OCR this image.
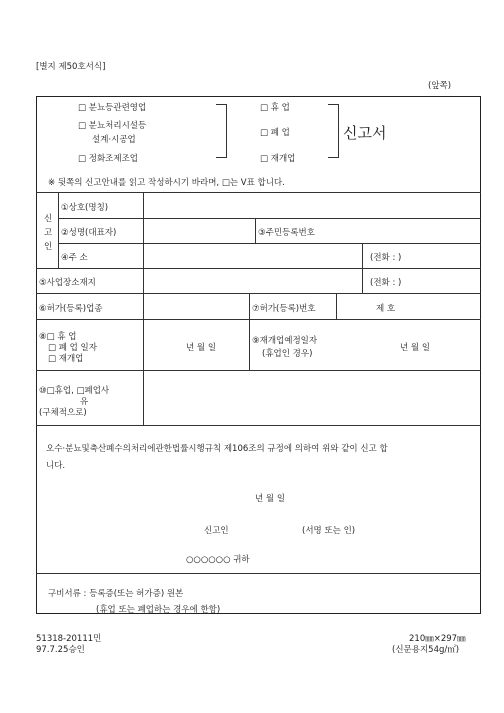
[별지 제50호서식]
(앞쪽)
□ 분뇨등관련영업
□ 분뇨처리시설등
설계·시공업
□ 정화조제조업
□ 휴 업
□ 폐 업
□ 재개업
신고서
※ 뒷쪽의 신고안내를 읽고 작성하시기 바라며, □는 V표 합니다.
신
고
인
①상호(명칭)
②성명(대표자)	③주민등록번호
④주 소	(전화 : )
⑤사업장소재지	(전화 : )
⑥허가(등록)업종	⑦허가(등록)번호	제 호
⑧□ 휴 업
□ 폐 업 일자
□ 재개업
년 월 일
⑨재개업예정일자
(휴업인 경우)
년 월 일
⑩□휴업, □폐업사
유
(구체적으로)
오수·분뇨및축산폐수의처리에관한법률시행규칙 제106조의 규정에 의하여 위와 같이 신고 합
니다.
년 월 일
신고인	(서명 또는 인)
○○○○○○ 귀하
구비서류 : 등록증(또는 허가증) 원본
(휴업 또는 폐업하는 경우에 한함)
51318-20111민
97.7.25승인
210㎜×297㎜
(신문용지54g/㎡)
